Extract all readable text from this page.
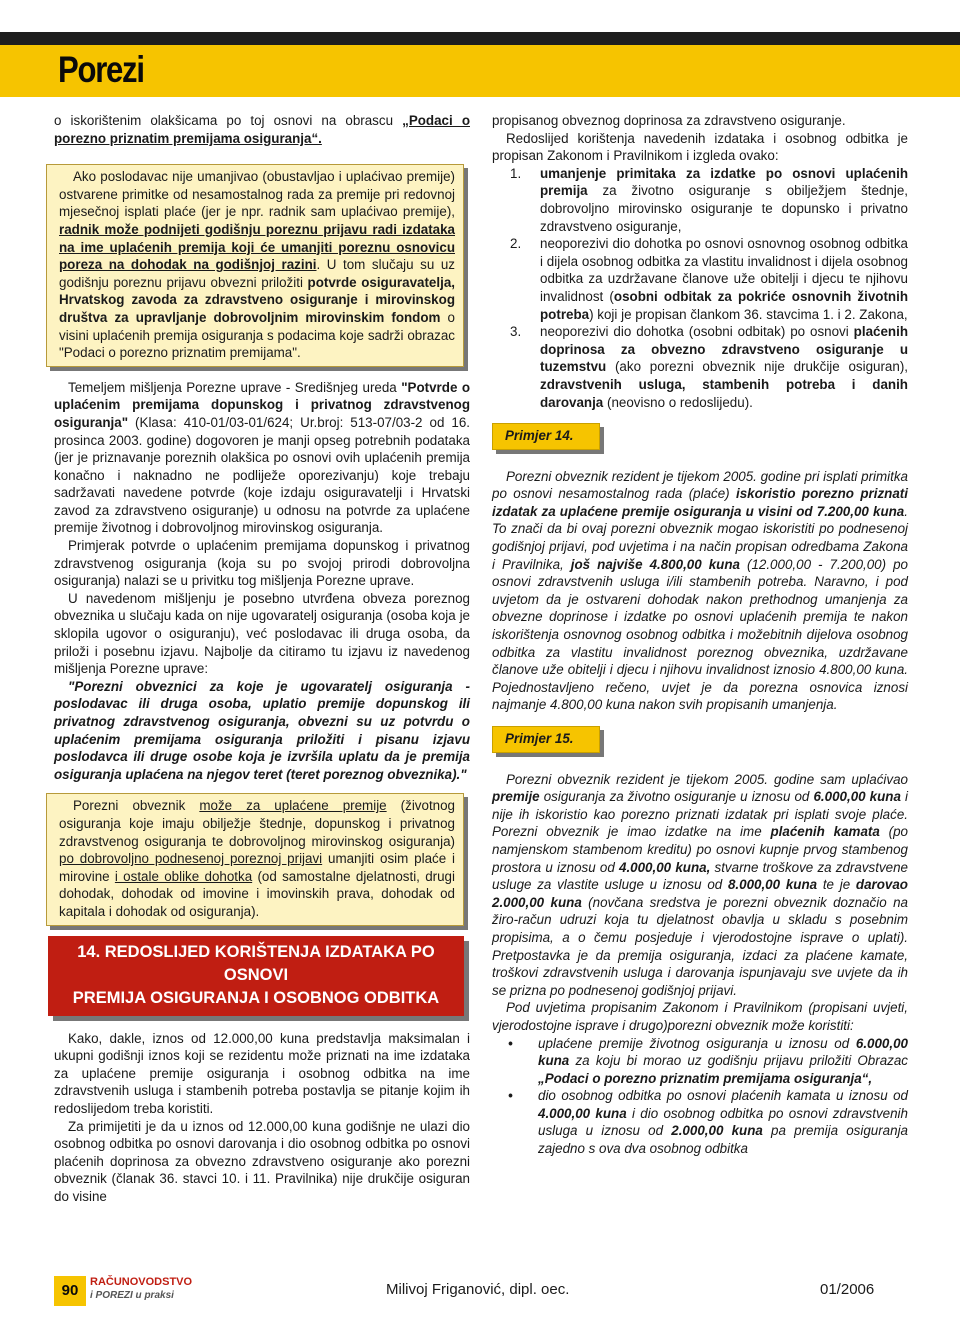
Porezi

o iskorištenim olakšicama po toj osnovi na obrascu „Podaci o porezno priznatim premijama osiguranja“.

Ako poslodavac nije umanjivao (obustavljao i uplaćivao premije) ostvarene primitke od nesamostalnog rada za premije pri redovnoj mjesečnoj isplati plaće (jer je npr. radnik sam uplaćivao premije), radnik može podnijeti godišnju poreznu prijavu radi izdataka na ime uplaćenih premija koji će umanjiti poreznu osnovicu poreza na dohodak na godišnjoj razini. U tom slučaju su uz godišnju poreznu prijavu obvezni priložiti potvrde osiguravatelja, Hrvatskog zavoda za zdravstveno osiguranje i mirovinskog društva za upravljanje dobrovoljnim mirovinskim fondom o visini uplaćenih premija osiguranja s podacima koje sadrži obrazac "Podaci o porezno priznatim premijama".

Temeljem mišljenja Porezne uprave - Središnjeg ureda "Potvrde o uplaćenim premijama dopunskog i privatnog zdravstvenog osiguranja" (Klasa: 410-01/03-01/624; Ur.broj: 513-07/03-2 od 16. prosinca 2003. godine) dogovoren je manji opseg potrebnih podataka (jer je priznavanje poreznih olakšica po osnovi ovih uplaćenih premija konačno i naknadno ne podliježe oporezivanju) koje trebaju sadržavati navedene potvrde (koje izdaju osiguravatelji i Hrvatski zavod za zdravstveno osiguranje) u odnosu na potvrde za uplaćene premije životnog i dobrovoljnog mirovinskog osiguranja.

Primjerak potvrde o uplaćenim premijama dopunskog i privatnog zdravstvenog osiguranja (koja su po svojoj prirodi dobrovoljna osiguranja) nalazi se u privitku tog mišljenja Porezne uprave.

U navedenom mišljenju je posebno utvrđena obveza poreznog obveznika u slučaju kada on nije ugovaratelj osiguranja (osoba koja je sklopila ugovor o osiguranju), već poslodavac ili druga osoba, da priloži i posebnu izjavu. Najbolje da citiramo tu izjavu iz navedenog mišljenja Porezne uprave:

"Porezni obveznici za koje je ugovaratelj osiguranja - poslodavac ili druga osoba, uplatio premije dopunskog ili privatnog zdravstvenog osiguranja, obvezni su uz potvrdu o uplaćenim premijama osiguranja priložiti i pisanu izjavu poslodavca ili druge osobe koja je izvršila uplatu da je premija osiguranja uplaćena na njegov teret (teret poreznog obveznika)."

Porezni obveznik može za uplaćene premije (životnog osiguranja koje imaju obilježje štednje, dopunskog i privatnog zdravstvenog osiguranja te dobrovoljnog mirovinskog osiguranja) po dobrovoljno podnesenoj poreznoj prijavi umanjiti osim plaće i mirovine i ostale oblike dohotka (od samostalne djelatnosti, drugi dohodak, dohodak od imovine i imovinskih prava, dohodak od kapitala i dohodak od osiguranja).

14. REDOSLIJED KORIŠTENJA IZDATAKA PO OSNOVI
PREMIJA OSIGURANJA I OSOBNOG ODBITKA

Kako, dakle, iznos od 12.000,00 kuna predstavlja maksimalan i ukupni godišnji iznos koji se rezidentu može priznati na ime izdataka za uplaćene premije osiguranja i osobnog odbitka na ime zdravstvenih usluga i stambenih potreba postavlja se pitanje kojim ih redoslijedom treba koristiti.

Za primijetiti je da u iznos od 12.000,00 kuna godišnje ne ulazi dio osobnog odbitka po osnovi darovanja i dio osobnog odbitka po osnovi plaćenih doprinosa za obvezno zdravstveno osiguranje ako porezni obveznik (članak 36. stavci 10. i 11. Pravilnika) nije drukčije osiguran do visine

propisanog obveznog doprinosa za zdravstveno osiguranje.

Redoslijed korištenja navedenih izdataka i osobnog odbitka je propisan Zakonom i Pravilnikom i izgleda ovako:

1. umanjenje primitaka za izdatke po osnovi uplaćenih premija za životno osiguranje s obilježjem štednje, dobrovoljno mirovinsko osiguranje te dopunsko i privatno zdravstveno osiguranje,
2. neoporezivi dio dohotka po osnovi osnovnog osobnog odbitka i dijela osobnog odbitka za vlastitu invalidnost i dijela osobnog odbitka za uzdržavane članove uže obitelji i djecu te njihovu invalidnost (osobni odbitak za pokriće osnovnih životnih potreba) koji je propisan člankom 36. stavcima 1. i 2. Zakona,
3. neoporezivi dio dohotka (osobni odbitak) po osnovi plaćenih doprinosa za obvezno zdravstveno osiguranje u tuzemstvu (ako porezni obveznik nije drukčije osiguran), zdravstvenih usluga, stambenih potreba i danih darovanja (neovisno o redoslijedu).
Primjer 14.

Porezni obveznik rezident je tijekom 2005. godine pri isplati primitka po osnovi nesamostalnog rada (plaće) iskoristio porezno priznati izdatak za uplaćene premije osiguranja u visini od 7.200,00 kuna. To znači da bi ovaj porezni obveznik mogao iskoristiti po podnesenoj godišnjoj prijavi, pod uvjetima i na način propisan odredbama Zakona i Pravilnika, još najviše 4.800,00 kuna (12.000,00 - 7.200,00) po osnovi zdravstvenih usluga i/ili stambenih potreba. Naravno, i pod uvjetom da je ostvareni dohodak nakon prethodnog umanjenja za obvezne doprinose i izdatke po osnovi uplaćenih premija te nakon iskorištenja osnovnog osobnog odbitka i možebitnih dijelova osobnog odbitka za vlastitu invalidnost poreznog obveznika, uzdržavane članove uže obitelji i djecu i njihovu invalidnost iznosio 4.800,00 kuna. Pojednostavljeno rečeno, uvjet je da porezna osnovica iznosi najmanje 4.800,00 kuna nakon svih propisanih umanjenja.

Primjer 15.

Porezni obveznik rezident je tijekom 2005. godine sam uplaćivao premije osiguranja za životno osiguranje u iznosu od 6.000,00 kuna i nije ih iskoristio kao porezno priznati izdatak pri isplati svoje plaće. Porezni obveznik je imao izdatke na ime plaćenih kamata (po namjenskom stambenom kreditu) po osnovi kupnje prvog stambenog prostora u iznosu od 4.000,00 kuna, stvarne troškove za zdravstvene usluge za vlastite usluge u iznosu od 8.000,00 kuna te je darovao 2.000,00 kuna (novčana sredstva je porezni obveznik doznačio na žiro-račun udruzi koja tu djelatnost obavlja u skladu s posebnim propisima, a o čemu posjeduje i vjerodostojne isprave o uplati). Pretpostavka je da premija osiguranja, izdaci za plaćene kamate, troškovi zdravstvenih usluga i darovanja ispunjavaju sve uvjete da ih se prizna po podnesenoj godišnjoj prijavi.

Pod uvjetima propisanim Zakonom i Pravilnikom (propisani uvjeti, vjerodostojne isprave i drugo)porezni obveznik može koristiti:

• uplaćene premije životnog osiguranja u iznosu od 6.000,00 kuna za koju bi morao uz godišnju prijavu priložiti Obrazac „Podaci o porezno priznatim premijama osiguranja“,
• dio osobnog odbitka po osnovi plaćenih kamata u iznosu od 4.000,00 kuna i dio osobnog odbitka po osnovi zdravstvenih usluga u iznosu od 2.000,00 kuna pa premija osiguranja zajedno s ova dva osobnog odbitka
90	RAČUNOVODSTVO
i POREZI u praksi	Milivoj Friganović, dipl. oec.	01/2006
